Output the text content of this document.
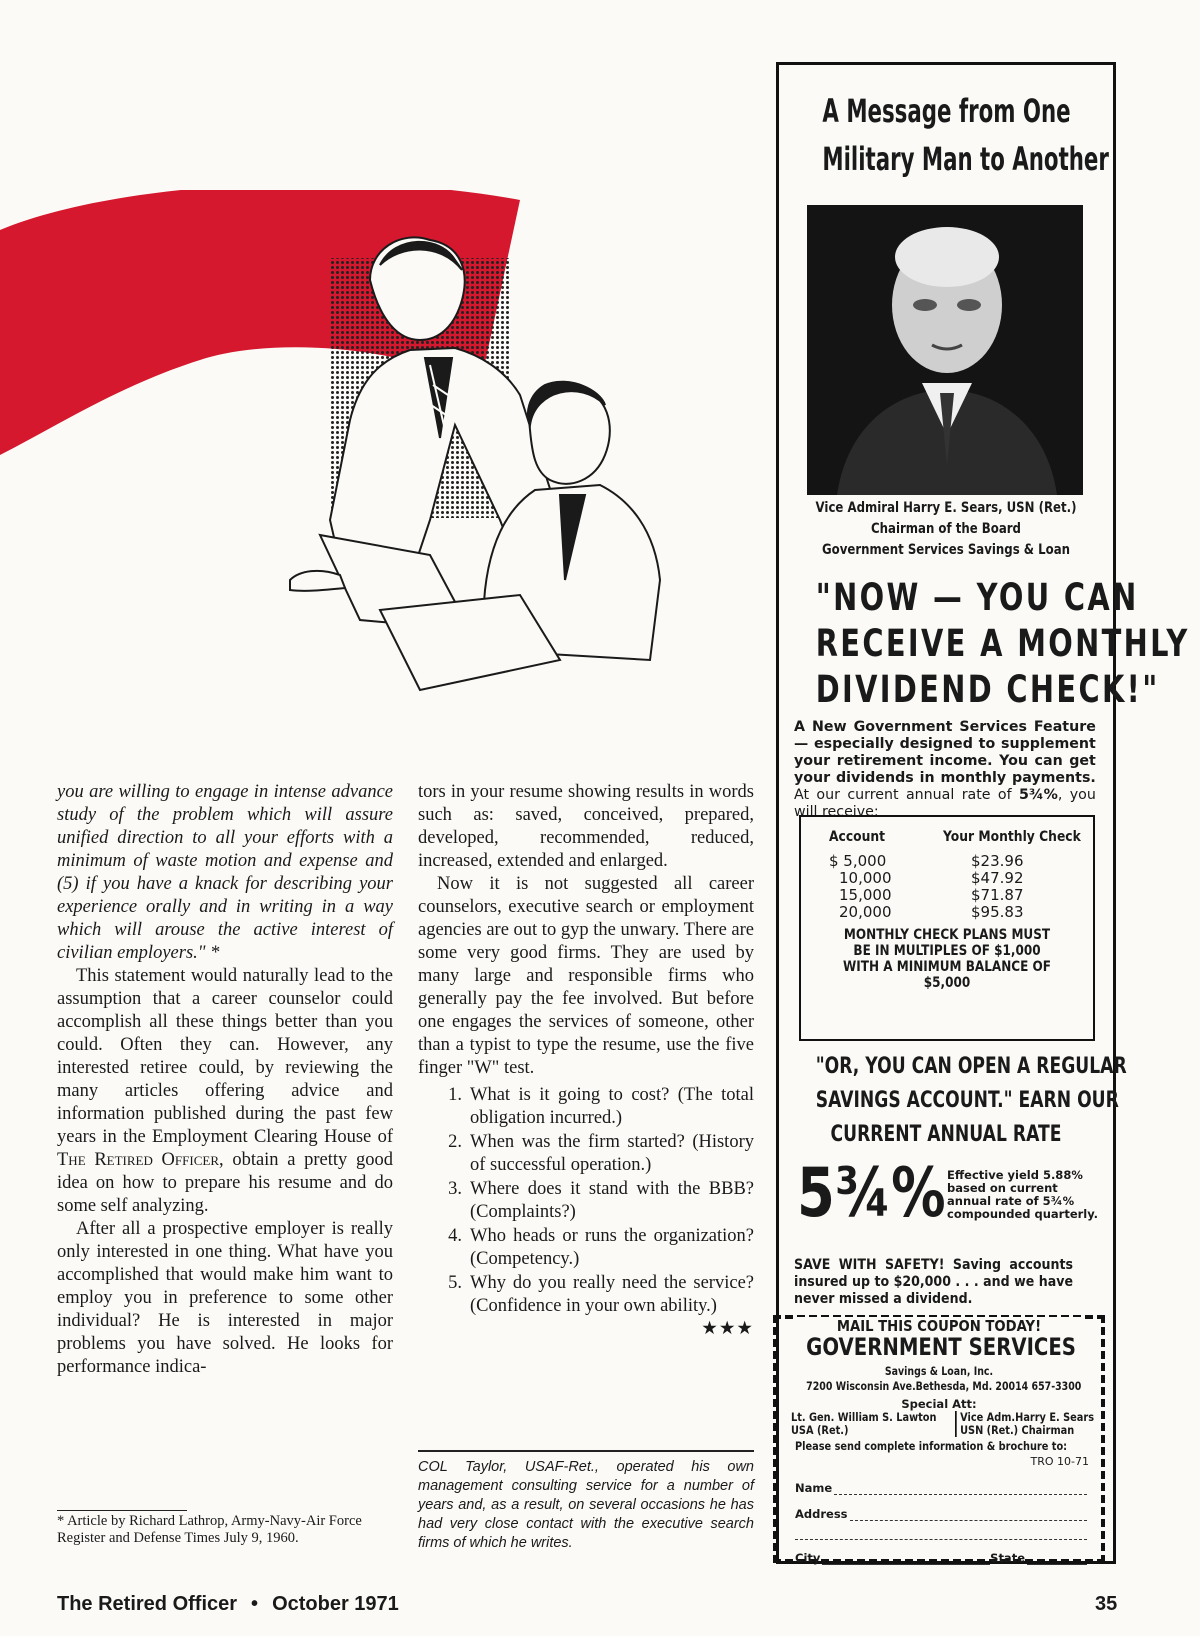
you are willing to engage in intense advance study of the problem which will assure unified direction to all your efforts with a minimum of waste motion and expense and (5) if you have a knack for describing your experience orally and in writing in a way which will arouse the active interest of civilian employers." *

This statement would naturally lead to the assumption that a career counselor could accomplish all these things better than you could. Often they can. However, any interested retiree could, by reviewing the many articles offering advice and information published during the past few years in the Employment Clearing House of The Retired Officer, obtain a pretty good idea on how to prepare his resume and do some self analyzing.

After all a prospective employer is really only interested in one thing. What have you accomplished that would make him want to employ you in preference to some other individual? He is interested in major problems you have solved. He looks for performance indica-

* Article by Richard Lathrop, Army-Navy-Air Force Register and Defense Times July 9, 1960.

tors in your resume showing results in words such as: saved, conceived, prepared, developed, recommended, reduced, increased, extended and enlarged.

Now it is not suggested all career counselors, executive search or employment agencies are out to gyp the unwary. There are some very good firms. They are used by many large and responsible firms who generally pay the fee involved. But before one engages the services of someone, other than a typist to type the resume, use the five finger "W" test.

1. What is it going to cost? (The total obligation incurred.)
2. When was the firm started? (History of successful operation.)
3. Where does it stand with the BBB? (Complaints?)
4. Who heads or runs the organization? (Competency.)
5. Why do you really need the service? (Confidence in your own ability.)
★★★
COL Taylor, USAF-Ret., operated his own management consulting service for a number of years and, as a result, on several occasions he has had very close contact with the executive search firms of which he writes.
The Retired Officer • October 1971	35
A Message from One
Military Man to Another
Vice Admiral Harry E. Sears, USN (Ret.)
Chairman of the Board
Government Services Savings & Loan
"NOW — YOU CAN
RECEIVE A MONTHLY
DIVIDEND CHECK!"
A New Government Services Feature — especially designed to supplement your retirement income. You can get your dividends in monthly payments. At our current annual rate of 5¾%, you will receive:
Account	Your Monthly Check
$ 5,000	$23.96
10,000	$47.92
15,000	$71.87
20,000	$95.83
MONTHLY CHECK PLANS MUST
BE IN MULTIPLES OF $1,000
WITH A MINIMUM BALANCE OF $5,000
"OR, YOU CAN OPEN A REGULAR
SAVINGS ACCOUNT." EARN OUR
CURRENT ANNUAL RATE
5¾% Effective yield 5.88% based on current annual rate of 5¾% compounded quarterly.
SAVE WITH SAFETY! Saving accounts insured up to $20,000 . . . and we have never missed a dividend.
MAIL THIS COUPON TODAY!
GOVERNMENT SERVICES
Savings & Loan, Inc.
7200 Wisconsin Ave.Bethesda, Md. 20014 657-3300
Special Att:
Lt. Gen. William S. Lawton
USA (Ret.)
Vice Adm.Harry E. Sears
USN (Ret.) Chairman
Please send complete information & brochure to:
TRO 10-71
Name
Address
City	State
